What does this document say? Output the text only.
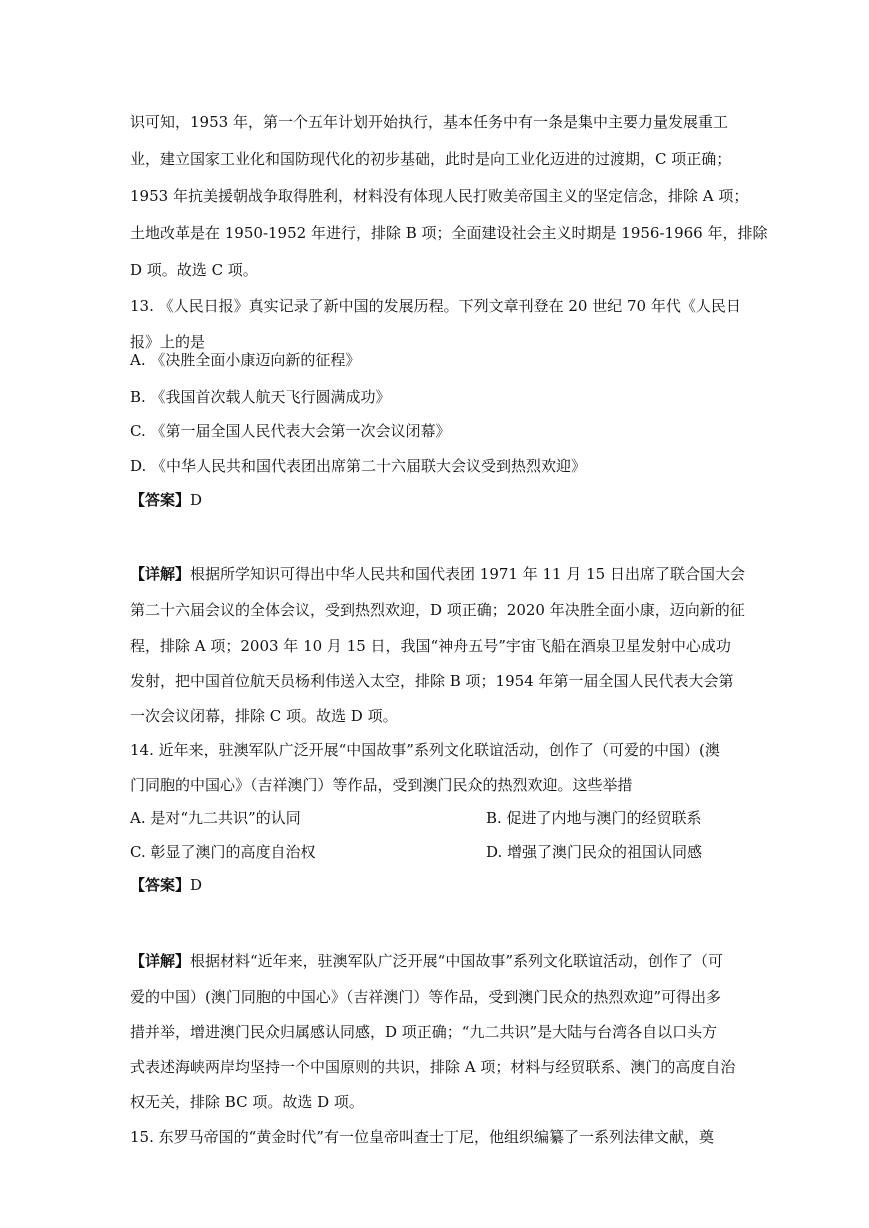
识可知，1953 年，第一个五年计划开始执行，基本任务中有一条是集中主要力量发展重工
业，建立国家工业化和国防现代化的初步基础，此时是向工业化迈进的过渡期，C 项正确；
1953 年抗美援朝战争取得胜利，材料没有体现人民打败美帝国主义的坚定信念，排除 A 项；
土地改革是在 1950-1952 年进行，排除 B 项；全面建设社会主义时期是 1956-1966 年，排除
D 项。故选 C 项。
13. 《人民日报》真实记录了新中国的发展历程。下列文章刊登在 20 世纪 70 年代《人民日
报》上的是
A. 《决胜全面小康迈向新的征程》
B. 《我国首次载人航天飞行圆满成功》
C. 《第一届全国人民代表大会第一次会议闭幕》
D. 《中华人民共和国代表团出席第二十六届联大会议受到热烈欢迎》
【答案】D
【详解】根据所学知识可得出中华人民共和国代表团 1971 年 11 月 15 日出席了联合国大会
第二十六届会议的全体会议，受到热烈欢迎，D 项正确；2020 年决胜全面小康，迈向新的征
程，排除 A 项；2003 年 10 月 15 日，我国“神舟五号”宇宙飞船在酒泉卫星发射中心成功
发射，把中国首位航天员杨利伟送入太空，排除 B 项；1954 年第一届全国人民代表大会第
一次会议闭幕，排除 C 项。故选 D 项。
14. 近年来，驻澳军队广泛开展“中国故事”系列文化联谊活动，创作了（可爱的中国）(澳
门同胞的中国心》（吉祥澳门）等作品，受到澳门民众的热烈欢迎。这些举措
A. 是对“九二共识”的认同	B. 促进了内地与澳门的经贸联系
C. 彰显了澳门的高度自治权	D. 增强了澳门民众的祖国认同感
【答案】D
【详解】根据材料“近年来，驻澳军队广泛开展“中国故事”系列文化联谊活动，创作了（可
爱的中国）(澳门同胞的中国心》（吉祥澳门）等作品，受到澳门民众的热烈欢迎”可得出多
措并举，增进澳门民众归属感认同感，D 项正确；“九二共识”是大陆与台湾各自以口头方
式表述海峡两岸均坚持一个中国原则的共识，排除 A 项；材料与经贸联系、澳门的高度自治
权无关，排除 BC 项。故选 D 项。
15. 东罗马帝国的“黄金时代”有一位皇帝叫查士丁尼，他组织编纂了一系列法律文献，奠
